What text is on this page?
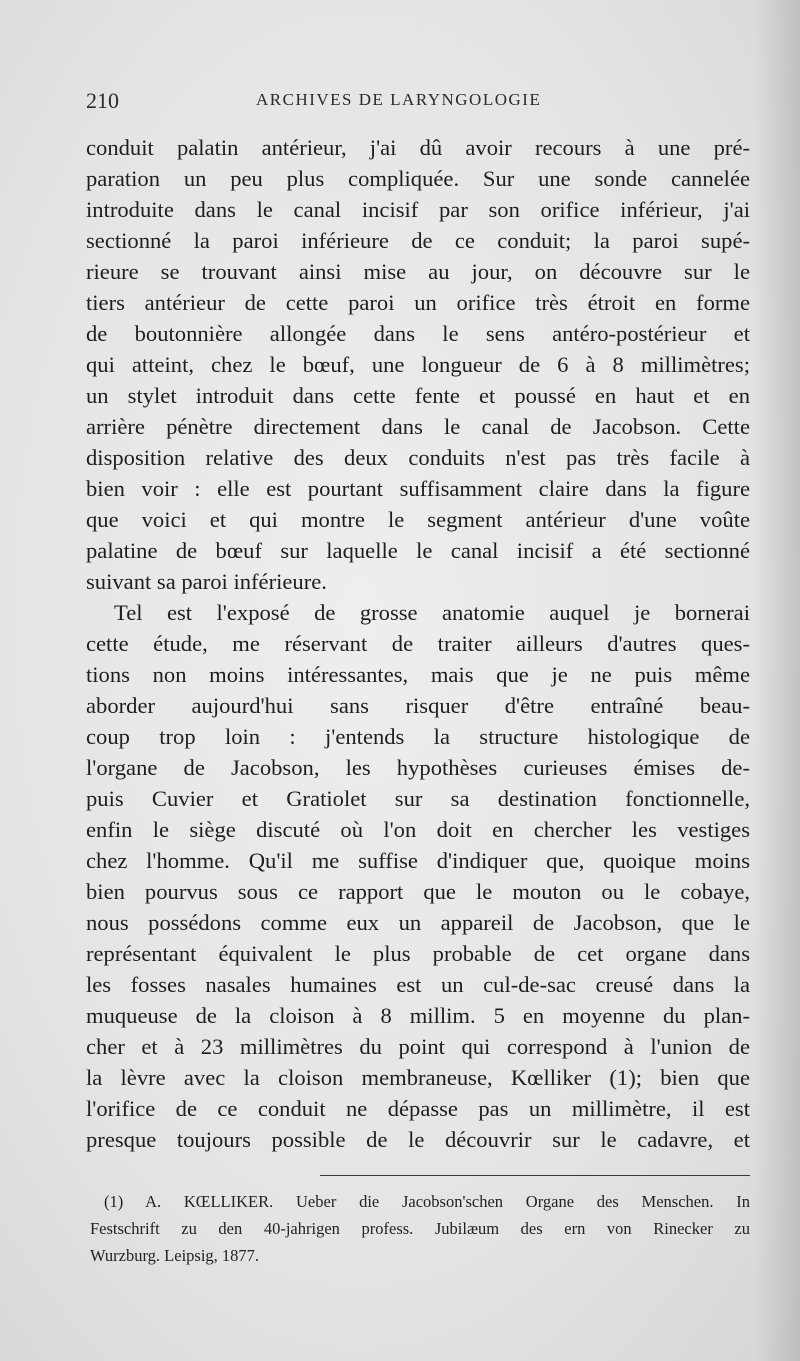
210	ARCHIVES DE LARYNGOLOGIE
conduit palatin antérieur, j'ai dû avoir recours à une pré-
paration un peu plus compliquée. Sur une sonde cannelée
introduite dans le canal incisif par son orifice inférieur, j'ai
sectionné la paroi inférieure de ce conduit; la paroi supé-
rieure se trouvant ainsi mise au jour, on découvre sur le
tiers antérieur de cette paroi un orifice très étroit en forme
de boutonnière allongée dans le sens antéro-postérieur et
qui atteint, chez le bœuf, une longueur de 6 à 8 millimètres;
un stylet introduit dans cette fente et poussé en haut et en
arrière pénètre directement dans le canal de Jacobson. Cette
disposition relative des deux conduits n'est pas très facile à
bien voir : elle est pourtant suffisamment claire dans la figure
que voici et qui montre le segment antérieur d'une voûte
palatine de bœuf sur laquelle le canal incisif a été sectionné
suivant sa paroi inférieure.
Tel est l'exposé de grosse anatomie auquel je bornerai
cette étude, me réservant de traiter ailleurs d'autres ques-
tions non moins intéressantes, mais que je ne puis même
aborder aujourd'hui sans risquer d'être entraîné beau-
coup trop loin : j'entends la structure histologique de
l'organe de Jacobson, les hypothèses curieuses émises de-
puis Cuvier et Gratiolet sur sa destination fonctionnelle,
enfin le siège discuté où l'on doit en chercher les vestiges
chez l'homme. Qu'il me suffise d'indiquer que, quoique moins
bien pourvus sous ce rapport que le mouton ou le cobaye,
nous possédons comme eux un appareil de Jacobson, que le
représentant équivalent le plus probable de cet organe dans
les fosses nasales humaines est un cul-de-sac creusé dans la
muqueuse de la cloison à 8 millim. 5 en moyenne du plan-
cher et à 23 millimètres du point qui correspond à l'union de
la lèvre avec la cloison membraneuse, Kœlliker (1); bien que
l'orifice de ce conduit ne dépasse pas un millimètre, il est
presque toujours possible de le découvrir sur le cadavre, et
(1) A. KŒLLIKER. Ueber die Jacobson'schen Organe des Menschen. In
Festschrift zu den 40-jahrigen profess. Jubilæum des ern von Rinecker zu
Wurzburg. Leipsig, 1877.
